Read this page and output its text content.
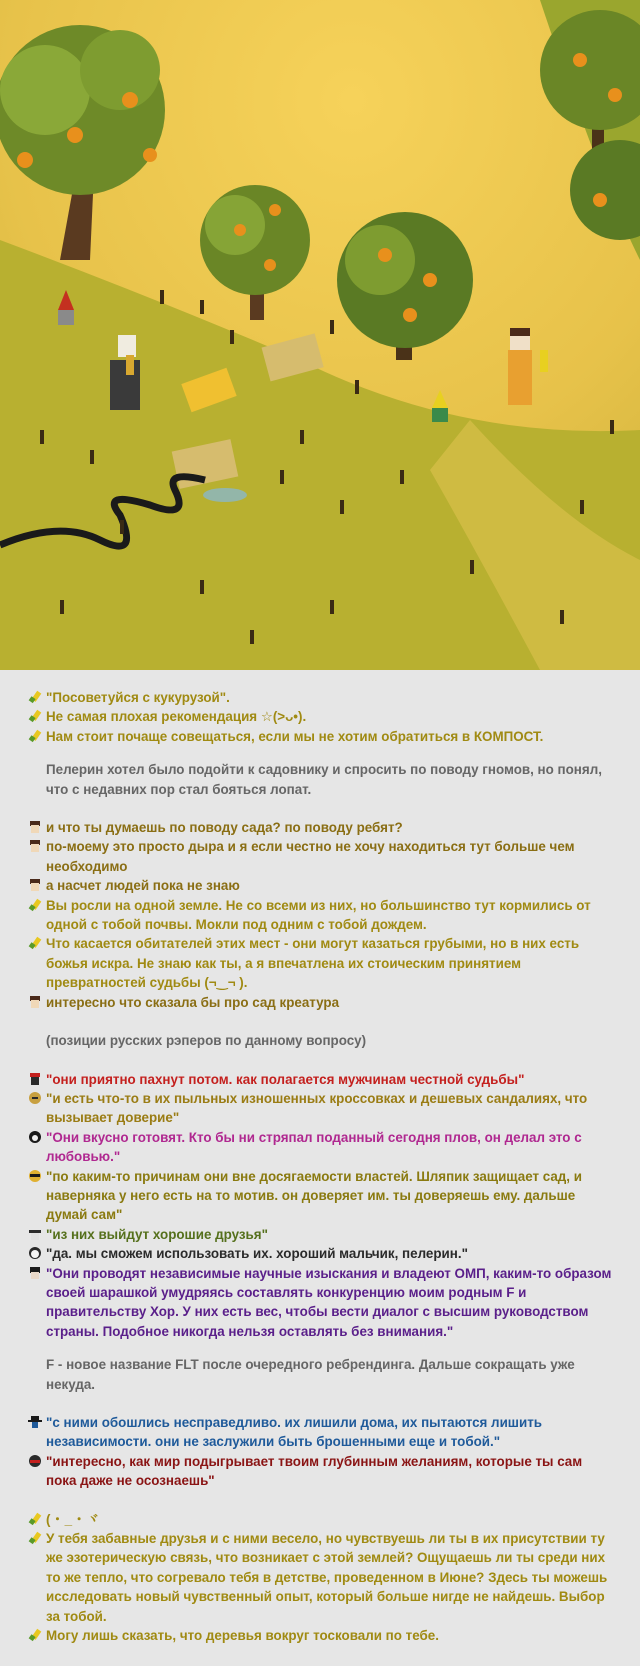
"Посоветуйся с кукурузой".
Не самая плохая рекомендация ☆(>ᴗ•).
Нам стоит почаще совещаться, если мы не хотим обратиться в КОМПОСТ.
Пелерин хотел было подойти к садовнику и спросить по поводу гномов, но понял, что с недавних пор стал бояться лопат.
и что ты думаешь по поводу сада? по поводу ребят?
по-моему это просто дыра и я если честно не хочу находиться тут больше чем необходимо
а насчет людей пока не знаю
Вы росли на одной земле. Не со всеми из них, но большинство тут кормились от одной с тобой почвы. Мокли под одним с тобой дождем.
Что касается обитателей этих мест - они могут казаться грубыми, но в них есть божья искра. Не знаю как ты, а я впечатлена их стоическим принятием превратностей судьбы (¬‿¬ ).
интересно что сказала бы про сад креатура
(позиции русских рэперов по данному вопросу)
"они приятно пахнут потом. как полагается мужчинам честной судьбы"
"и есть что-то в их пыльных изношенных кроссовках и дешевых сандалиях, что вызывает доверие"
"Они вкусно готовят. Кто бы ни стряпал поданный сегодня плов, он делал это с любовью."
"по каким-то причинам они вне досягаемости властей. Шляпик защищает сад, и наверняка у него есть на то мотив. он доверяет им. ты доверяешь ему. дальше думай сам"
"из них выйдут хорошие друзья"
"да. мы сможем использовать их. хороший мальчик, пелерин."
"Они проводят независимые научные изыскания и владеют ОМП, каким-то образом своей шарашкой умудряясь составлять конкуренцию моим родным F и правительству Хор. У них есть вес, чтобы вести диалог с высшим руководством страны. Подобное никогда нельзя оставлять без внимания."
F - новое название FLT после очередного ребрендинга. Дальше сокращать уже некуда.
"с ними обошлись несправедливо. их лишили дома, их пытаются лишить независимости. они не заслужили быть брошенными еще и тобой."
"интересно, как мир подыгрывает твоим глубинным желаниям, которые ты сам пока даже не осознаешь"
( ･ _ ･ ヾ
У тебя забавные друзья и с ними весело, но чувствуешь ли ты в их присутствии ту же эзотерическую связь, что возникает с этой землей? Ощущаешь ли ты среди них то же тепло, что согревало тебя в детстве, проведенном в Июне? Здесь ты можешь исследовать новый чувственный опыт, который больше нигде не найдешь. Выбор за тобой.
Могу лишь сказать, что деревья вокруг тосковали по тебе.
